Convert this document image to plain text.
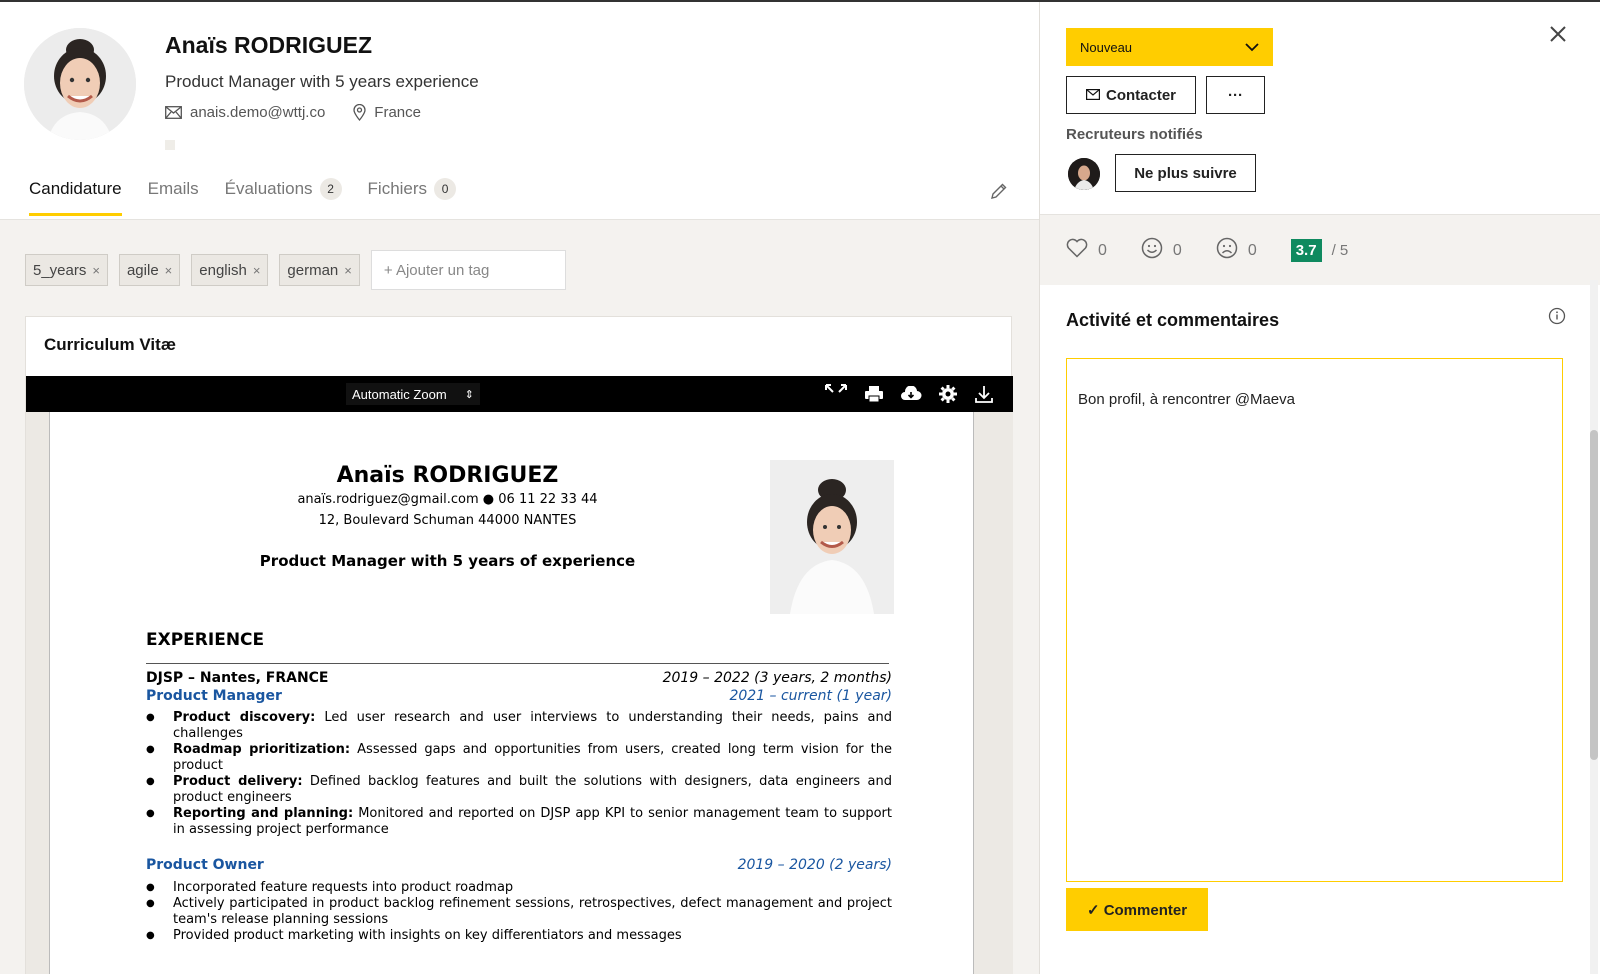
Anaïs RODRIGUEZ
Product Manager with 5 years experience
anais.demo@wttj.co	France
Candidature Emails Évaluations	2	Fichiers	0
5_years × agile × english × german ×	+ Ajouter un tag
Curriculum Vitæ
Automatic Zoom ⇕
Anaïs RODRIGUEZ
anaïs.rodriguez@gmail.com ● 06 11 22 33 44
12, Boulevard Schuman 44000 NANTES
Product Manager with 5 years of experience
EXPERIENCE
DJSP – Nantes, FRANCE	2019 – 2022 (3 years, 2 months)
Product Manager	2021 – current (1 year)
● Product discovery: Led user research and user interviews to understanding their needs, pains and challenges
● Roadmap prioritization: Assessed gaps and opportunities from users, created long term vision for the product
● Product delivery: Defined backlog features and built the solutions with designers, data engineers and product engineers
● Reporting and planning: Monitored and reported on DJSP app KPI to senior management team to support in assessing project performance
Product Owner	2019 – 2020 (2 years)
● Incorporated feature requests into product roadmap
● Actively participated in product backlog refinement sessions, retrospectives, defect management and project team's release planning sessions
● Provided product marketing with insights on key differentiators and messages
Nouveau
Contacter	···
Recruteurs notifiés
Ne plus suivre
0	0	0	3.7	/ 5
Activité et commentaires
Bon profil, à rencontrer @Maeva
✓ Commenter
